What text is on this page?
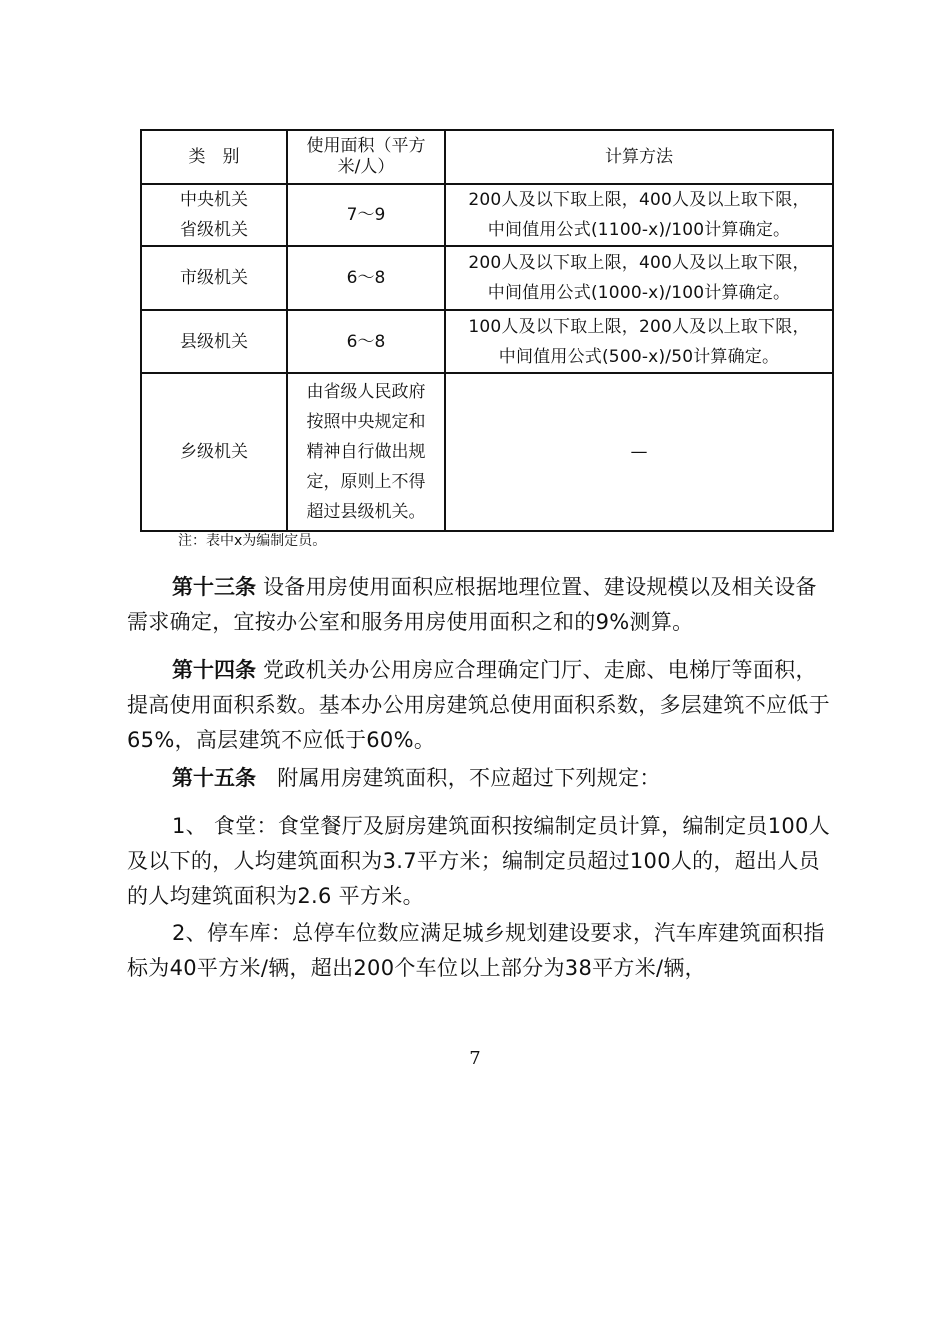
类　别	使用面积（平方米/人）	计算方法

中央机关
省级机关	7～9	200人及以下取上限，400人及以上取下限，
中间值用公式(1100-x)/100计算确定。

市级机关	6～8	200人及以下取上限，400人及以上取下限，
中间值用公式(1000-x)/100计算确定。

县级机关	6～8	100人及以下取上限，200人及以上取下限，
中间值用公式(500-x)/50计算确定。

乡级机关	由省级人民政府
按照中央规定和
精神自行做出规
定，原则上不得
超过县级机关。	—
注：表中x为编制定员。

第十三条 设备用房使用面积应根据地理位置、建设规模以及相关设备需求确定，宜按办公室和服务用房使用面积之和的9%测算。

第十四条 党政机关办公用房应合理确定门厅、走廊、电梯厅等面积，提高使用面积系数。基本办公用房建筑总使用面积系数，多层建筑不应低于65%，高层建筑不应低于60%。

第十五条　附属用房建筑面积，不应超过下列规定：

1、 食堂：食堂餐厅及厨房建筑面积按编制定员计算，编制定员100人及以下的，人均建筑面积为3.7平方米；编制定员超过100人的，超出人员的人均建筑面积为2.6 平方米。

2、停车库：总停车位数应满足城乡规划建设要求，汽车库建筑面积指标为40平方米/辆，超出200个车位以上部分为38平方米/辆，

7
